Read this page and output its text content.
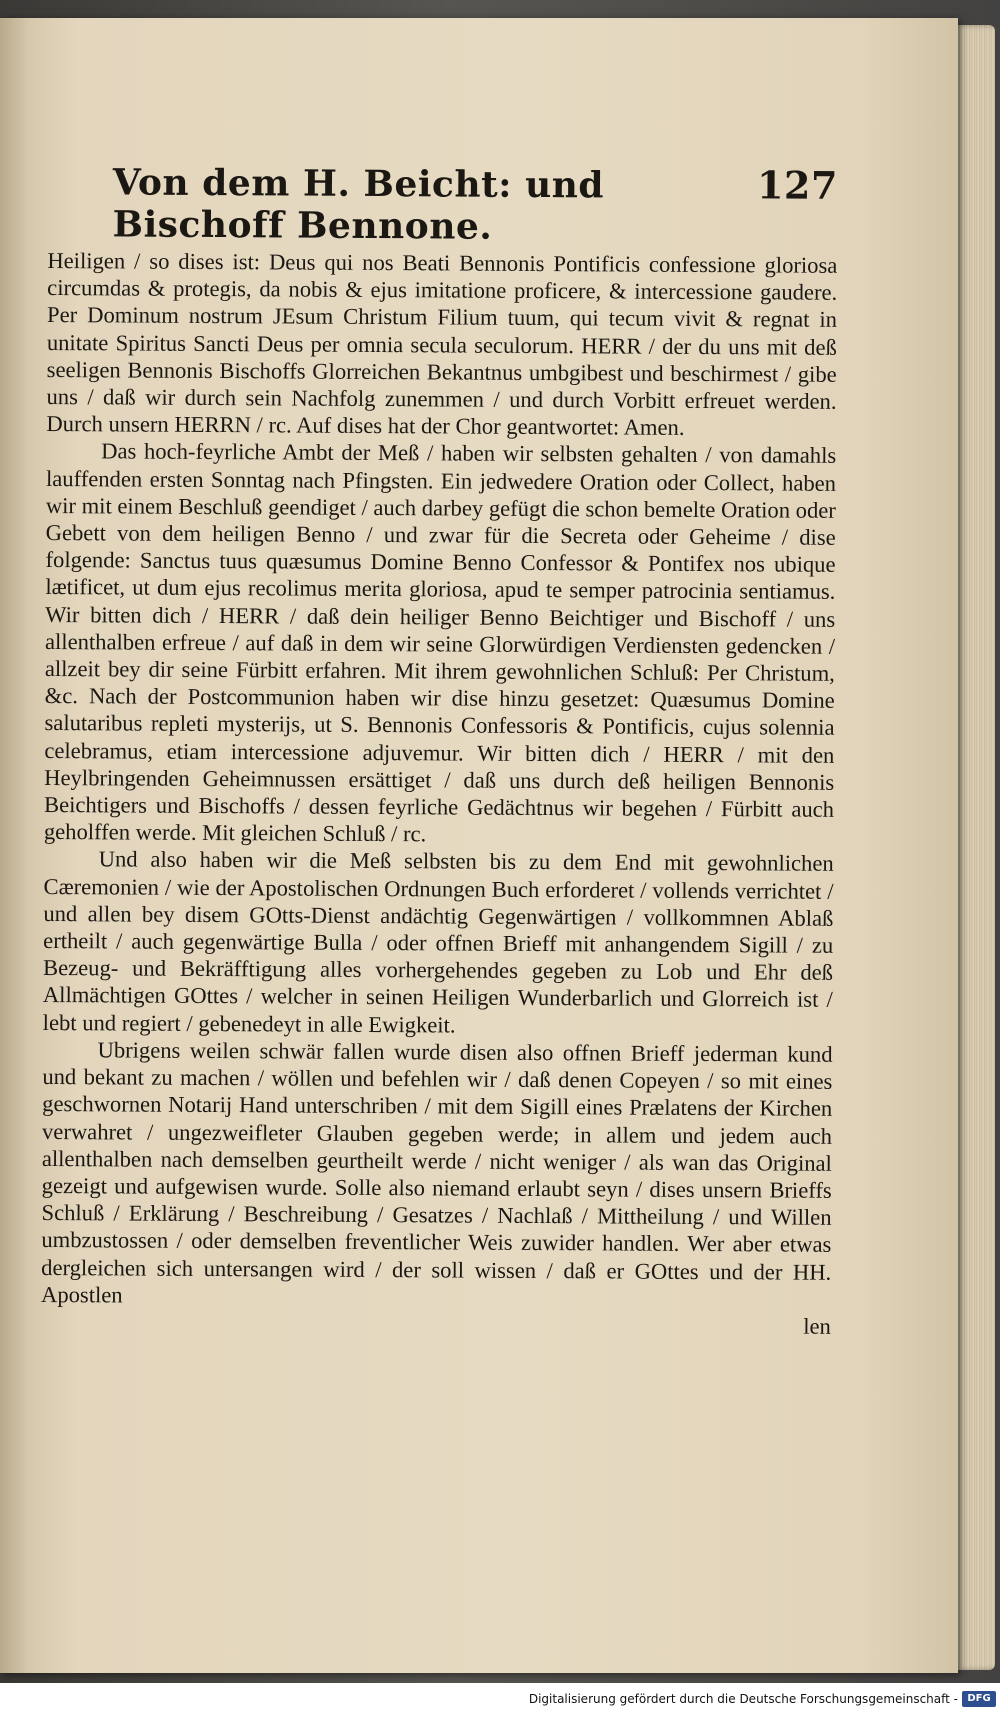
Von dem H. Beicht: und Bischoff Bennone.
127

Heiligen / so dises ist: Deus qui nos Beati Bennonis Pontificis confessione gloriosa circumdas & protegis, da nobis & ejus imitatione proficere, & intercessione gaudere. Per Dominum nostrum JEsum Christum Filium tuum, qui tecum vivit & regnat in unitate Spiritus Sancti Deus per omnia secula seculorum. HERR / der du uns mit deß seeligen Bennonis Bischoffs Glorreichen Bekantnus umbgibest und beschirmest / gibe uns / daß wir durch sein Nachfolg zunemmen / und durch Vorbitt erfreuet werden. Durch unsern HERRN / rc. Auf dises hat der Chor geantwortet: Amen.

Das hoch-feyrliche Ambt der Meß / haben wir selbsten gehalten / von damahls lauffenden ersten Sonntag nach Pfingsten. Ein jedwedere Oration oder Collect, haben wir mit einem Beschluß geendiget / auch darbey gefügt die schon bemelte Oration oder Gebett von dem heiligen Benno / und zwar für die Secreta oder Geheime / dise folgende: Sanctus tuus quæsumus Domine Benno Confessor & Pontifex nos ubique lætificet, ut dum ejus recolimus merita gloriosa, apud te semper patrocinia sentiamus. Wir bitten dich / HERR / daß dein heiliger Benno Beichtiger und Bischoff / uns allenthalben erfreue / auf daß in dem wir seine Glorwürdigen Verdiensten gedencken / allzeit bey dir seine Fürbitt erfahren. Mit ihrem gewohnlichen Schluß: Per Christum, &c. Nach der Postcommunion haben wir dise hinzu gesetzet: Quæsumus Domine salutaribus repleti mysterijs, ut S. Bennonis Confessoris & Pontificis, cujus solennia celebramus, etiam intercessione adjuvemur. Wir bitten dich / HERR / mit den Heylbringenden Geheimnussen ersättiget / daß uns durch deß heiligen Bennonis Beichtigers und Bischoffs / dessen feyrliche Gedächtnus wir begehen / Fürbitt auch geholffen werde. Mit gleichen Schluß / rc.

Und also haben wir die Meß selbsten bis zu dem End mit gewohnlichen Cæremonien / wie der Apostolischen Ordnungen Buch erforderet / vollends verrichtet / und allen bey disem GOtts-Dienst andächtig Gegenwärtigen / vollkommnen Ablaß ertheilt / auch gegenwärtige Bulla / oder offnen Brieff mit anhangendem Sigill / zu Bezeug- und Bekräfftigung alles vorhergehendes gegeben zu Lob und Ehr deß Allmächtigen GOttes / welcher in seinen Heiligen Wunderbarlich und Glorreich ist / lebt und regiert / gebenedeyt in alle Ewigkeit.

Ubrigens weilen schwär fallen wurde disen also offnen Brieff jederman kund und bekant zu machen / wöllen und befehlen wir / daß denen Copeyen / so mit eines geschwornen Notarij Hand unterschriben / mit dem Sigill eines Prælatens der Kirchen verwahret / ungezweifleter Glauben gegeben werde; in allem und jedem auch allenthalben nach demselben geurtheilt werde / nicht weniger / als wan das Original gezeigt und aufgewisen wurde. Solle also niemand erlaubt seyn / dises unsern Brieffs Schluß / Erklärung / Beschreibung / Gesatzes / Nachlaß / Mittheilung / und Willen umbzustossen / oder demselben freventlicher Weis zuwider handlen. Wer aber etwas dergleichen sich untersangen wird / der soll wissen / daß er GOttes und der HH. Apostlen

len
Digitalisierung gefördert durch die Deutsche Forschungsgemeinschaft - DFG
